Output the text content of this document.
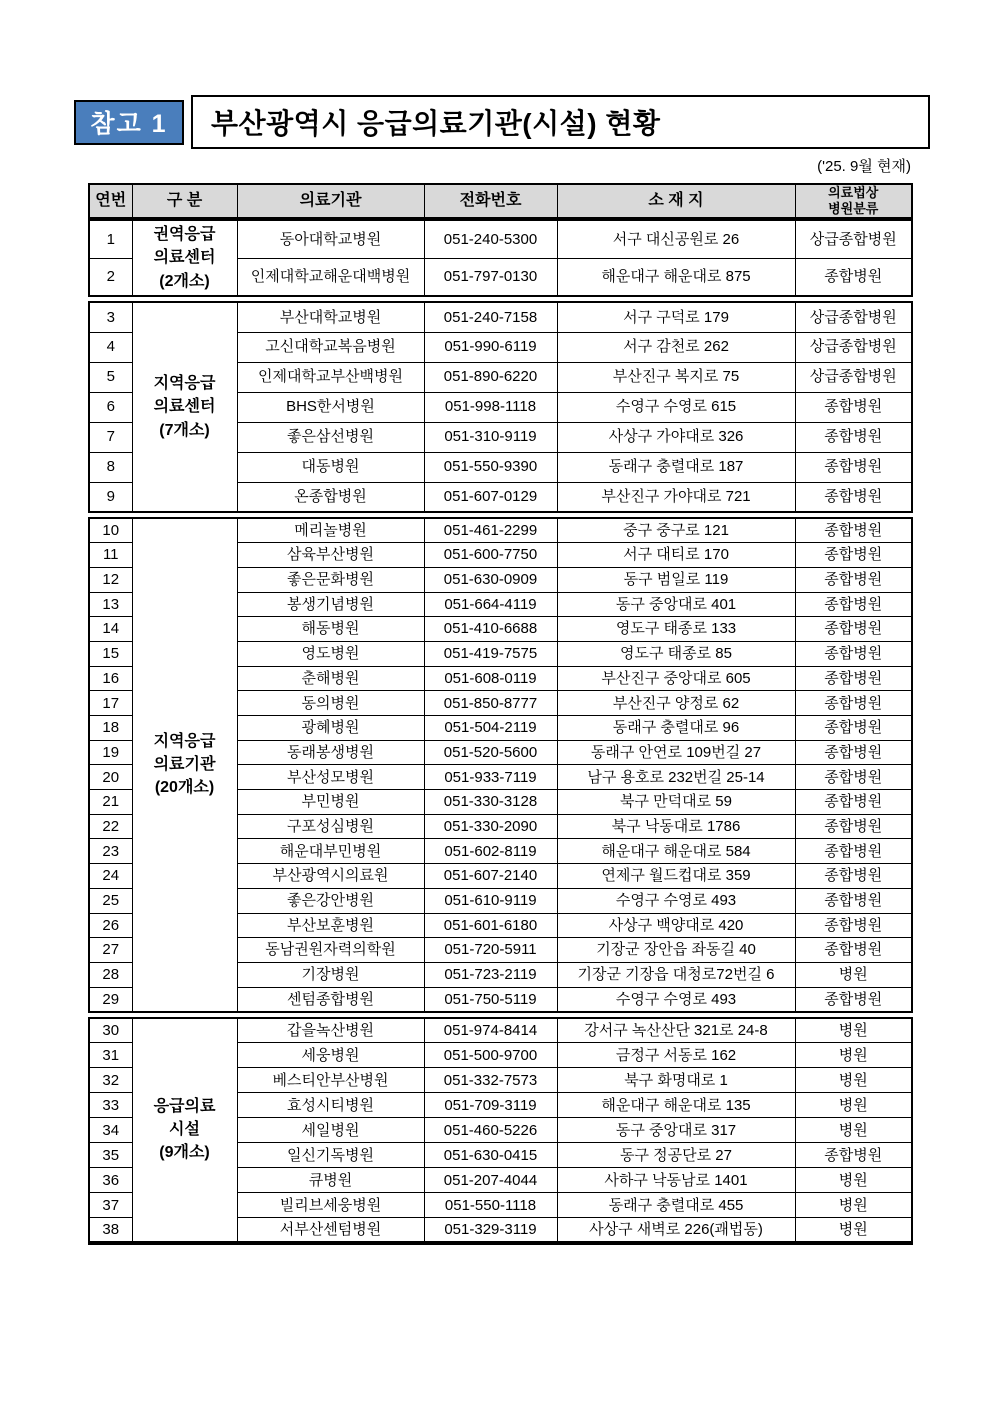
참고 1	부산광역시 응급의료기관(시설) 현황
('25. 9월 현재)
연번	구 분	의료기관	전화번호	소 재 지	의료법상
병원분류
1	권역응급
의료센터
(2개소)	동아대학교병원	051-240-5300	서구 대신공원로 26	상급종합병원
2		인제대학교해운대백병원	051-797-0130	해운대구 해운대로 875	종합병원
3	지역응급
의료센터
(7개소)	부산대학교병원	051-240-7158	서구 구덕로 179	상급종합병원
4		고신대학교복음병원	051-990-6119	서구 감천로 262	상급종합병원
5		인제대학교부산백병원	051-890-6220	부산진구 복지로 75	상급종합병원
6		BHS한서병원	051-998-1118	수영구 수영로 615	종합병원
7		좋은삼선병원	051-310-9119	사상구 가야대로 326	종합병원
8		대동병원	051-550-9390	동래구 충렬대로 187	종합병원
9		온종합병원	051-607-0129	부산진구 가야대로 721	종합병원
10	지역응급
의료기관
(20개소)	메리놀병원	051-461-2299	중구 중구로 121	종합병원
11		삼육부산병원	051-600-7750	서구 대티로 170	종합병원
12		좋은문화병원	051-630-0909	동구 범일로 119	종합병원
13		봉생기념병원	051-664-4119	동구 중앙대로 401	종합병원
14		해동병원	051-410-6688	영도구 태종로 133	종합병원
15		영도병원	051-419-7575	영도구 태종로 85	종합병원
16		춘해병원	051-608-0119	부산진구 중앙대로 605	종합병원
17		동의병원	051-850-8777	부산진구 양정로 62	종합병원
18		광혜병원	051-504-2119	동래구 충렬대로 96	종합병원
19		동래봉생병원	051-520-5600	동래구 안연로 109번길 27	종합병원
20		부산성모병원	051-933-7119	남구 용호로 232번길 25-14	종합병원
21		부민병원	051-330-3128	북구 만덕대로 59	종합병원
22		구포성심병원	051-330-2090	북구 낙동대로 1786	종합병원
23		해운대부민병원	051-602-8119	해운대구 해운대로 584	종합병원
24		부산광역시의료원	051-607-2140	연제구 월드컵대로 359	종합병원
25		좋은강안병원	051-610-9119	수영구 수영로 493	종합병원
26		부산보훈병원	051-601-6180	사상구 백양대로 420	종합병원
27		동남권원자력의학원	051-720-5911	기장군 장안읍 좌동길 40	종합병원
28		기장병원	051-723-2119	기장군 기장읍 대청로72번길 6	병원
29		센텀종합병원	051-750-5119	수영구 수영로 493	종합병원
30	응급의료
시설
(9개소)	갑을녹산병원	051-974-8414	강서구 녹산산단 321로 24-8	병원
31		세웅병원	051-500-9700	금정구 서동로 162	병원
32		베스티안부산병원	051-332-7573	북구 화명대로 1	병원
33		효성시티병원	051-709-3119	해운대구 해운대로 135	병원
34		세일병원	051-460-5226	동구 중앙대로 317	병원
35		일신기독병원	051-630-0415	동구 정공단로 27	종합병원
36		큐병원	051-207-4044	사하구 낙동남로 1401	병원
37		빌리브세웅병원	051-550-1118	동래구 충렬대로 455	병원
38		서부산센텀병원	051-329-3119	사상구 새벽로 226(괘법동)	병원
